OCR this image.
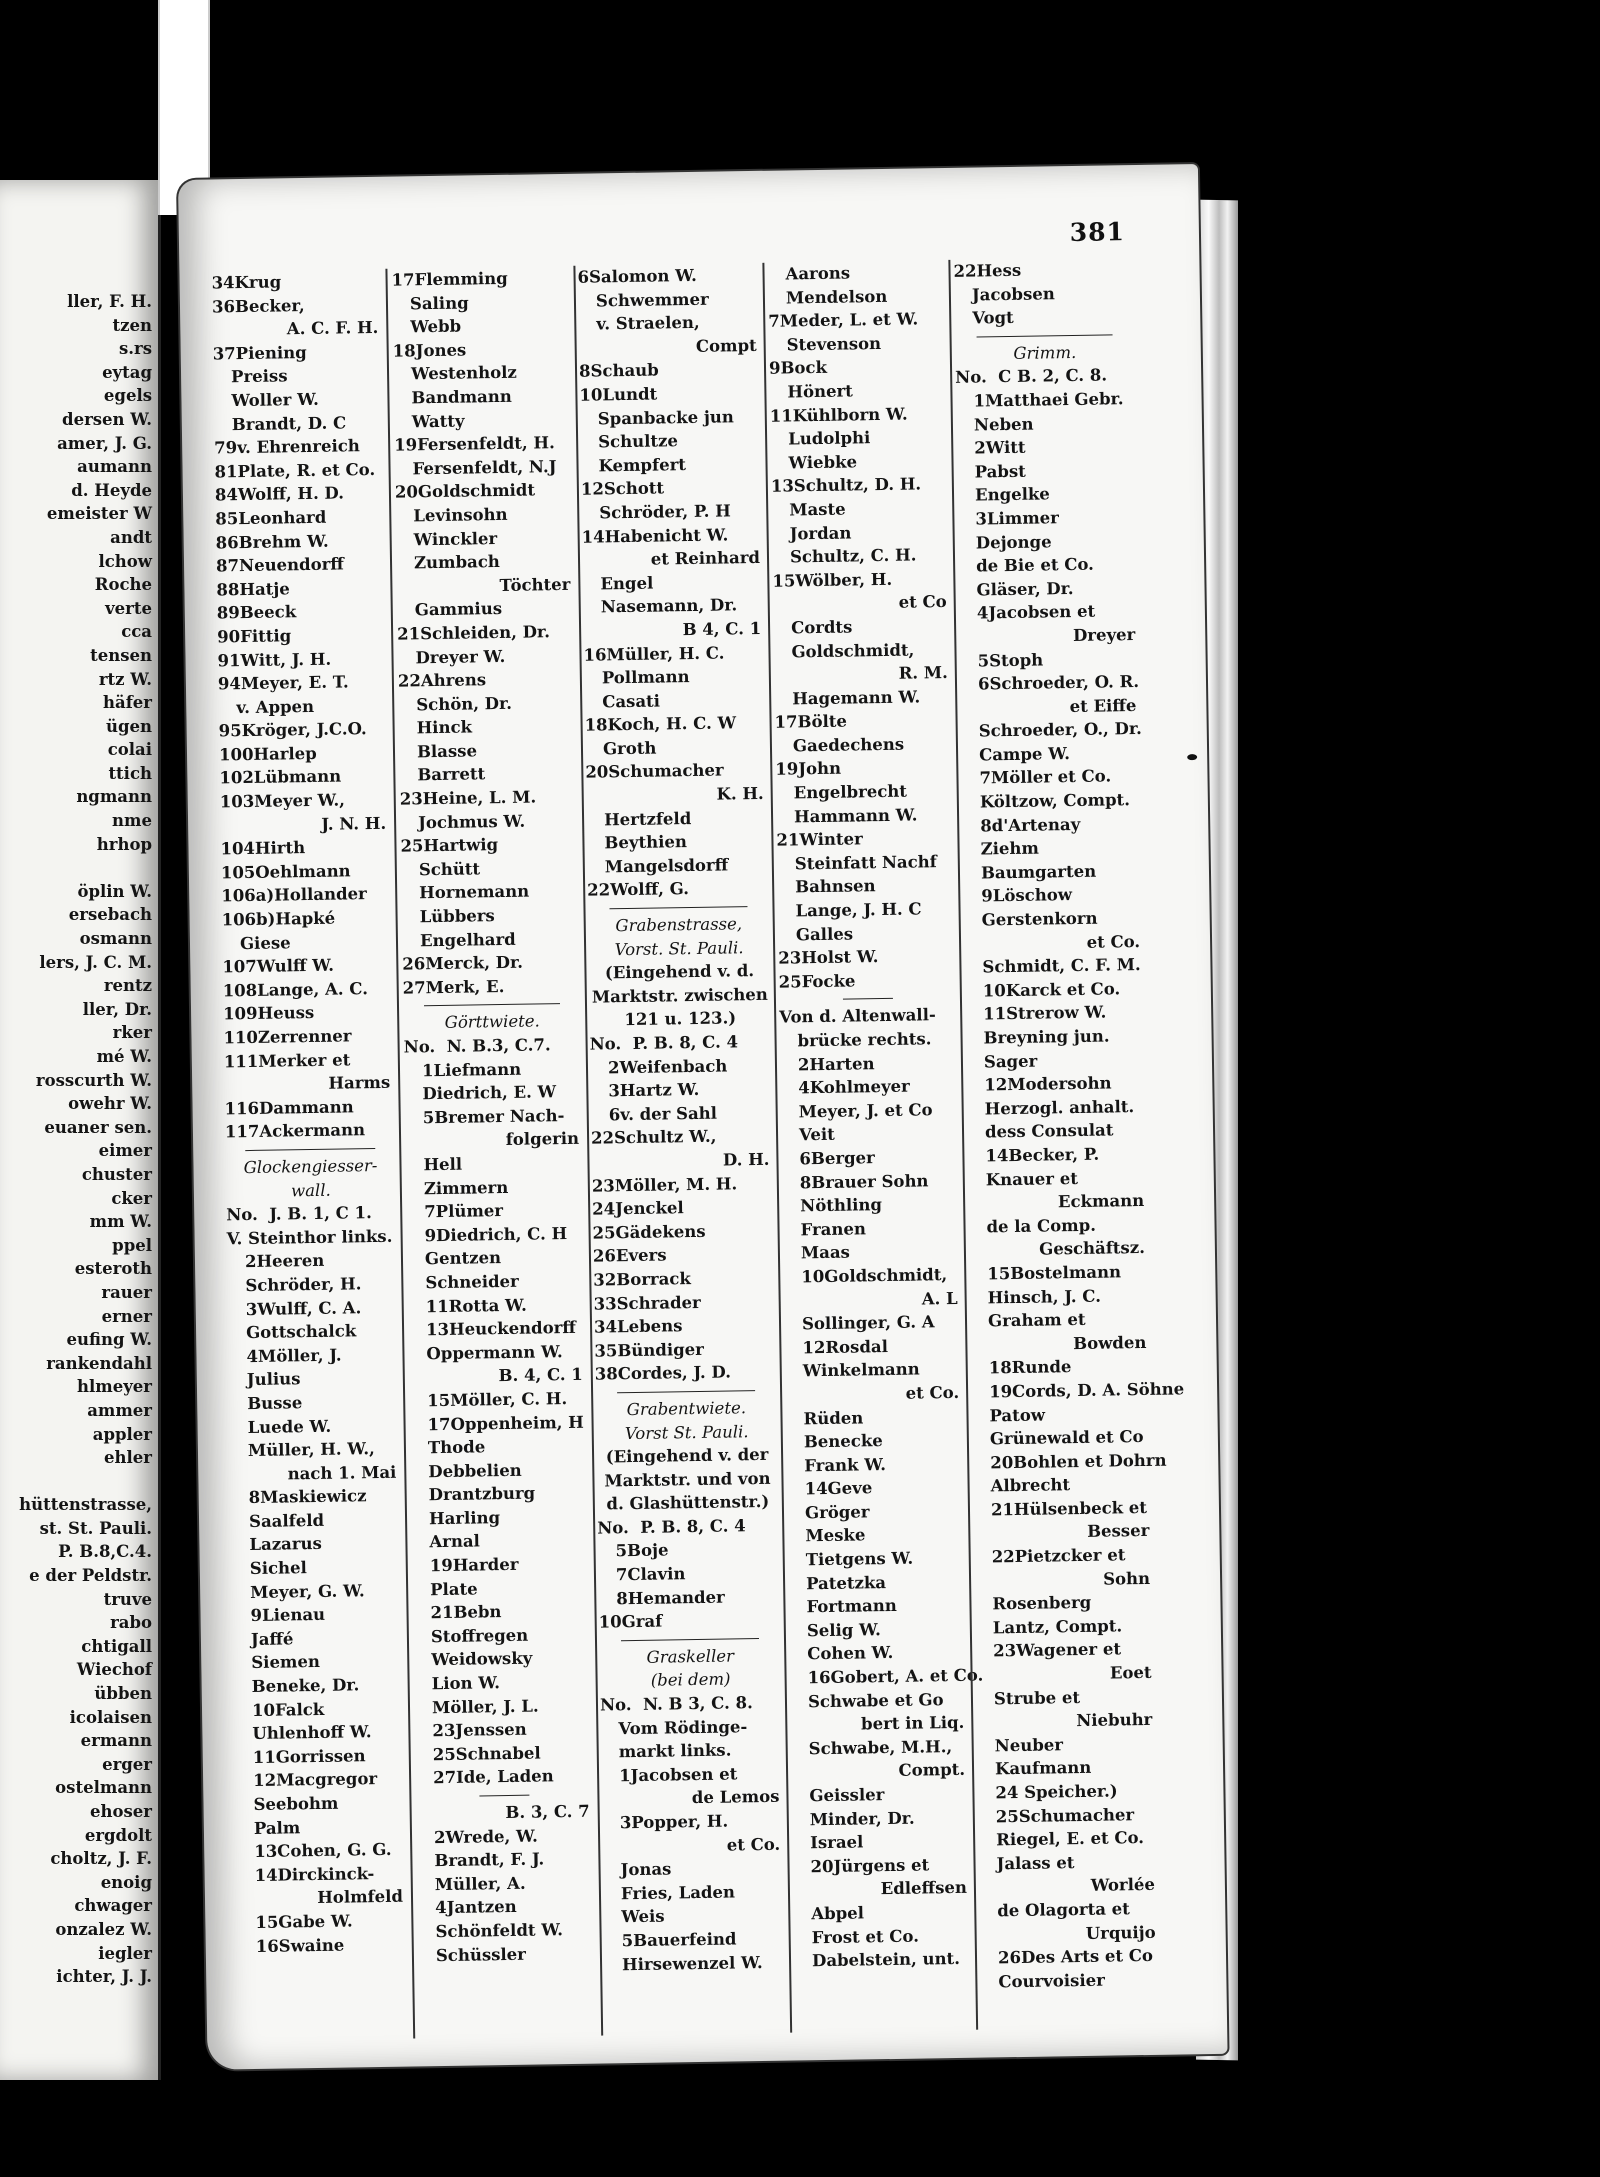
ller, F. H.
tzen
s.rs
eytag
egels
dersen W.
amer, J. G.
aumann
d. Heyde
emeister W
andt
lchow
Roche
verte
cca
tensen
rtz W.
häfer
ügen
colai
ttich
ngmann
nme
hrhop

öplin W.
ersebach
osmann
lers, J. C. M.
rentz
ller, Dr.
rker
mé W.
rosscurth W.
owehr W.
euaner sen.
eimer
chuster
cker
mm W.
ppel
esteroth
rauer
erner
eufing W.
rankendahl
hlmeyer
ammer
appler
ehler

hüttenstrasse,
st. St. Pauli.
P. B.8,C.4.
e der Peldstr.
truve
rabo
chtigall
Wiechof
übben
icolaisen
ermann
erger
ostelmann
ehoser
ergdolt
choltz, J. F.
enoig
chwager
onzalez W.
iegler
ichter, J. J.
381
34Krug
36Becker,
A. C. F. H.
37Piening
Preiss
Woller W.
Brandt, D. C
79v. Ehrenreich
81Plate, R. et Co.
84Wolff, H. D.
85Leonhard
86Brehm W.
87Neuendorff
88Hatje
89Beeck
90Fittig
91Witt, J. H.
94Meyer, E. T.
v. Appen
95Kröger, J.C.O.
100Harlep
102Lübmann
103Meyer W.,
J. N. H.
104Hirth
105Oehlmann
106a)Hollander
106b)Hapké
Giese
107Wulff W.
108Lange, A. C.
109Heuss
110Zerrenner
111Merker et
Harms
116Dammann
117Ackermann
Glockengiesser-
wall.
No.  J. B. 1, C 1.
V. Steinthor links.
2Heeren
Schröder, H.
3Wulff, C. A.
Gottschalck
4Möller, J.
Julius
Busse
Luede W.
Müller, H. W.,
nach 1. Mai
8Maskiewicz
Saalfeld
Lazarus
Sichel
Meyer, G. W.
9Lienau
Jaffé
Siemen
Beneke, Dr.
10Falck
Uhlenhoff W.
11Gorrissen
12Macgregor
Seebohm
Palm
13Cohen, G. G.
14Dirckinck-
Holmfeld
15Gabe W.
16Swaine
17Flemming
Saling
Webb
18Jones
Westenholz
Bandmann
Watty
19Fersenfeldt, H.
Fersenfeldt, N.J
20Goldschmidt
Levinsohn
Winckler
Zumbach
Töchter
Gammius
21Schleiden, Dr.
Dreyer W.
22Ahrens
Schön, Dr.
Hinck
Blasse
Barrett
23Heine, L. M.
Jochmus W.
25Hartwig
Schütt
Hornemann
Lübbers
Engelhard
26Merck, Dr.
27Merk, E.
Görttwiete.
No.  N. B.3, C.7.
1Liefmann
Diedrich, E. W
5Bremer Nach-
folgerin
Hell
Zimmern
7Plümer
9Diedrich, C. H
Gentzen
Schneider
11Rotta W.
13Heuckendorff
Oppermann W.
B. 4, C. 1
15Möller, C. H.
17Oppenheim, H
Thode
Debbelien
Drantzburg
Harling
Arnal
19Harder
Plate
21Bebn
Stoffregen
Weidowsky
Lion W.
Möller, J. L.
23Jenssen
25Schnabel
27Ide, Laden
B. 3, C. 7
2Wrede, W.
Brandt, F. J.
Müller, A.
4Jantzen
Schönfeldt W.
Schüssler
6Salomon W.
Schwemmer
v. Straelen,
Compt
8Schaub
10Lundt
Spanbacke jun
Schultze
Kempfert
12Schott
Schröder, P. H
14Habenicht W.
et Reinhard
Engel
Nasemann, Dr.
B 4, C. 1
16Müller, H. C.
Pollmann
Casati
18Koch, H. C. W
Groth
20Schumacher
K. H.
Hertzfeld
Beythien
Mangelsdorff
22Wolff, G.
Grabenstrasse,
Vorst. St. Pauli.
(Eingehend v. d.
Marktstr. zwischen
121 u. 123.)
No.  P. B. 8, C. 4
2Weifenbach
3Hartz W.
6v. der Sahl
22Schultz W.,
D. H.
23Möller, M. H.
24Jenckel
25Gädekens
26Evers
32Borrack
33Schrader
34Lebens
35Bündiger
38Cordes, J. D.
Grabentwiete.
Vorst St. Pauli.
(Eingehend v. der
Marktstr. und von
d. Glashüttenstr.)
No.  P. B. 8, C. 4
5Boje
7Clavin
8Hemander
10Graf
Graskeller
(bei dem)
No.  N. B 3, C. 8.
Vom Rödinge-
markt links.
1Jacobsen et
de Lemos
3Popper, H.
et Co.
Jonas
Fries, Laden
Weis
5Bauerfeind
Hirsewenzel W.
Aarons
Mendelson
7Meder, L. et W.
Stevenson
9Bock
Hönert
11Kühlborn W.
Ludolphi
Wiebke
13Schultz, D. H.
Maste
Jordan
Schultz, C. H.
15Wölber, H.
et Co
Cordts
Goldschmidt,
R. M.
Hagemann W.
17Bölte
Gaedechens
19John
Engelbrecht
Hammann W.
21Winter
Steinfatt Nachf
Bahnsen
Lange, J. H. C
Galles
23Holst W.
25Focke
Von d. Altenwall-
brücke rechts.
2Harten
4Kohlmeyer
Meyer, J. et Co
Veit
6Berger
8Brauer Sohn
Nöthling
Franen
Maas
10Goldschmidt,
A. L
Sollinger, G. A
12Rosdal
Winkelmann
et Co.
Rüden
Benecke
Frank W.
14Geve
Gröger
Meske
Tietgens W.
Patetzka
Fortmann
Selig W.
Cohen W.
16Gobert, A. et Co.
Schwabe et Go
bert in Liq.
Schwabe, M.H.,
Compt.
Geissler
Minder, Dr.
Israel
20Jürgens et
Edleffsen
Abpel
Frost et Co.
Dabelstein, unt.
22Hess
Jacobsen
Vogt
Grimm.
No.  C B. 2, C. 8.
1Matthaei Gebr.
Neben
2Witt
Pabst
Engelke
3Limmer
Dejonge
de Bie et Co.
Gläser, Dr.
4Jacobsen et
Dreyer
5Stoph
6Schroeder, O. R.
et Eiffe
Schroeder, O., Dr.
Campe W.
7Möller et Co.
Költzow, Compt.
8d'Artenay
Ziehm
Baumgarten
9Löschow
Gerstenkorn
et Co.
Schmidt, C. F. M.
10Karck et Co.
11Strerow W.
Breyning jun.
Sager
12Modersohn
Herzogl. anhalt.
dess Consulat
14Becker, P.
Knauer et
Eckmann
de la Comp.
Geschäftsz.
15Bostelmann
Hinsch, J. C.
Graham et
Bowden
18Runde
19Cords, D. A. Söhne
Patow
Grünewald et Co
20Bohlen et Dohrn
Albrecht
21Hülsenbeck et
Besser
22Pietzcker et
Sohn
Rosenberg
Lantz, Compt.
23Wagener et
Eoet
Strube et
Niebuhr
Neuber
Kaufmann
24 Speicher.)
25Schumacher
Riegel, E. et Co.
Jalass et
Worlée
de Olagorta et
Urquijo
26Des Arts et Co
Courvoisier
